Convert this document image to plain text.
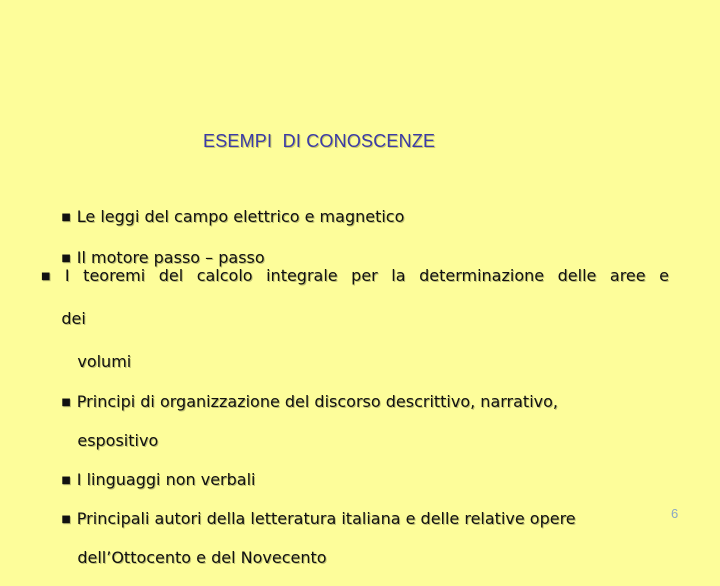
ESEMPI  DI CONOSCENZE

■ Le leggi del campo elettrico e magnetico

■ Il motore passo – passo

■ I teoremi del calcolo integrale per la determinazione delle aree e

dei

volumi

■ Principi di organizzazione del discorso descrittivo, narrativo,

espositivo

■ I linguaggi non verbali

■ Principali autori della letteratura italiana e delle relative opere

dell’Ottocento e del Novecento

6
